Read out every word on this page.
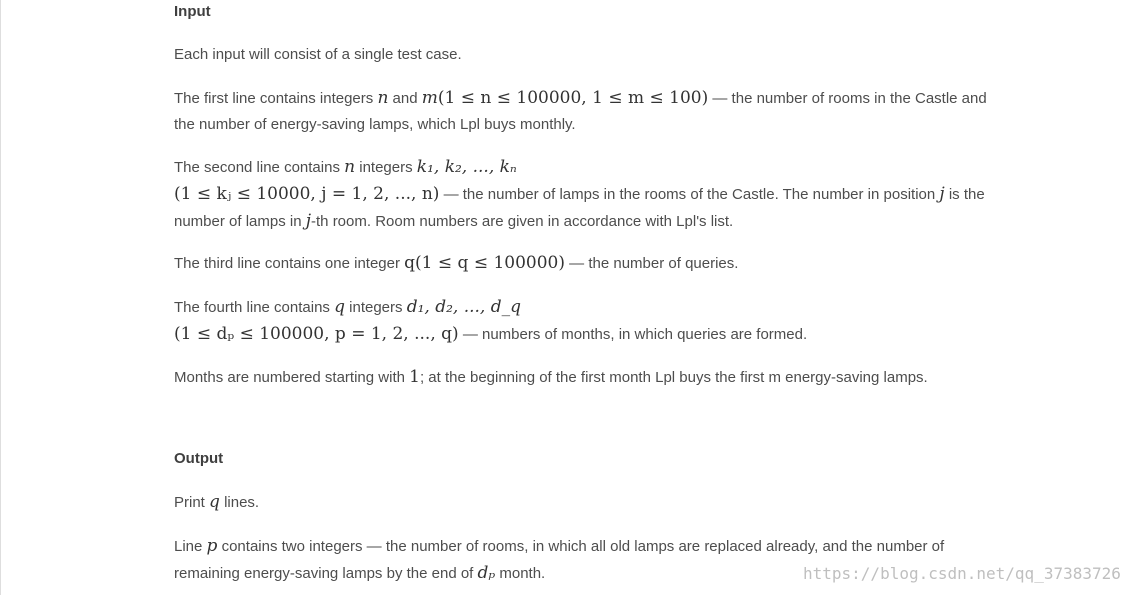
Input

Each input will consist of a single test case.

The first line contains integers n and m(1 ≤ n ≤ 100000, 1 ≤ m ≤ 100) — the number of rooms in the Castle and the number of energy-saving lamps, which Lpl buys monthly.

The second line contains n integers k₁, k₂, ..., kₙ
(1 ≤ kⱼ ≤ 10000, j = 1, 2, ..., n) — the number of lamps in the rooms of the Castle. The number in position j is the number of lamps in j-th room. Room numbers are given in accordance with Lpl's list.

The third line contains one integer q(1 ≤ q ≤ 100000) — the number of queries.

The fourth line contains q integers d₁, d₂, ..., d_q
(1 ≤ dₚ ≤ 100000, p = 1, 2, ..., q) — numbers of months, in which queries are formed.

Months are numbered starting with 1; at the beginning of the first month Lpl buys the first m energy-saving lamps.

Output

Print q lines.

Line p contains two integers — the number of rooms, in which all old lamps are replaced already, and the number of remaining energy-saving lamps by the end of dₚ month.	https://blog.csdn.net/qq_37383726
